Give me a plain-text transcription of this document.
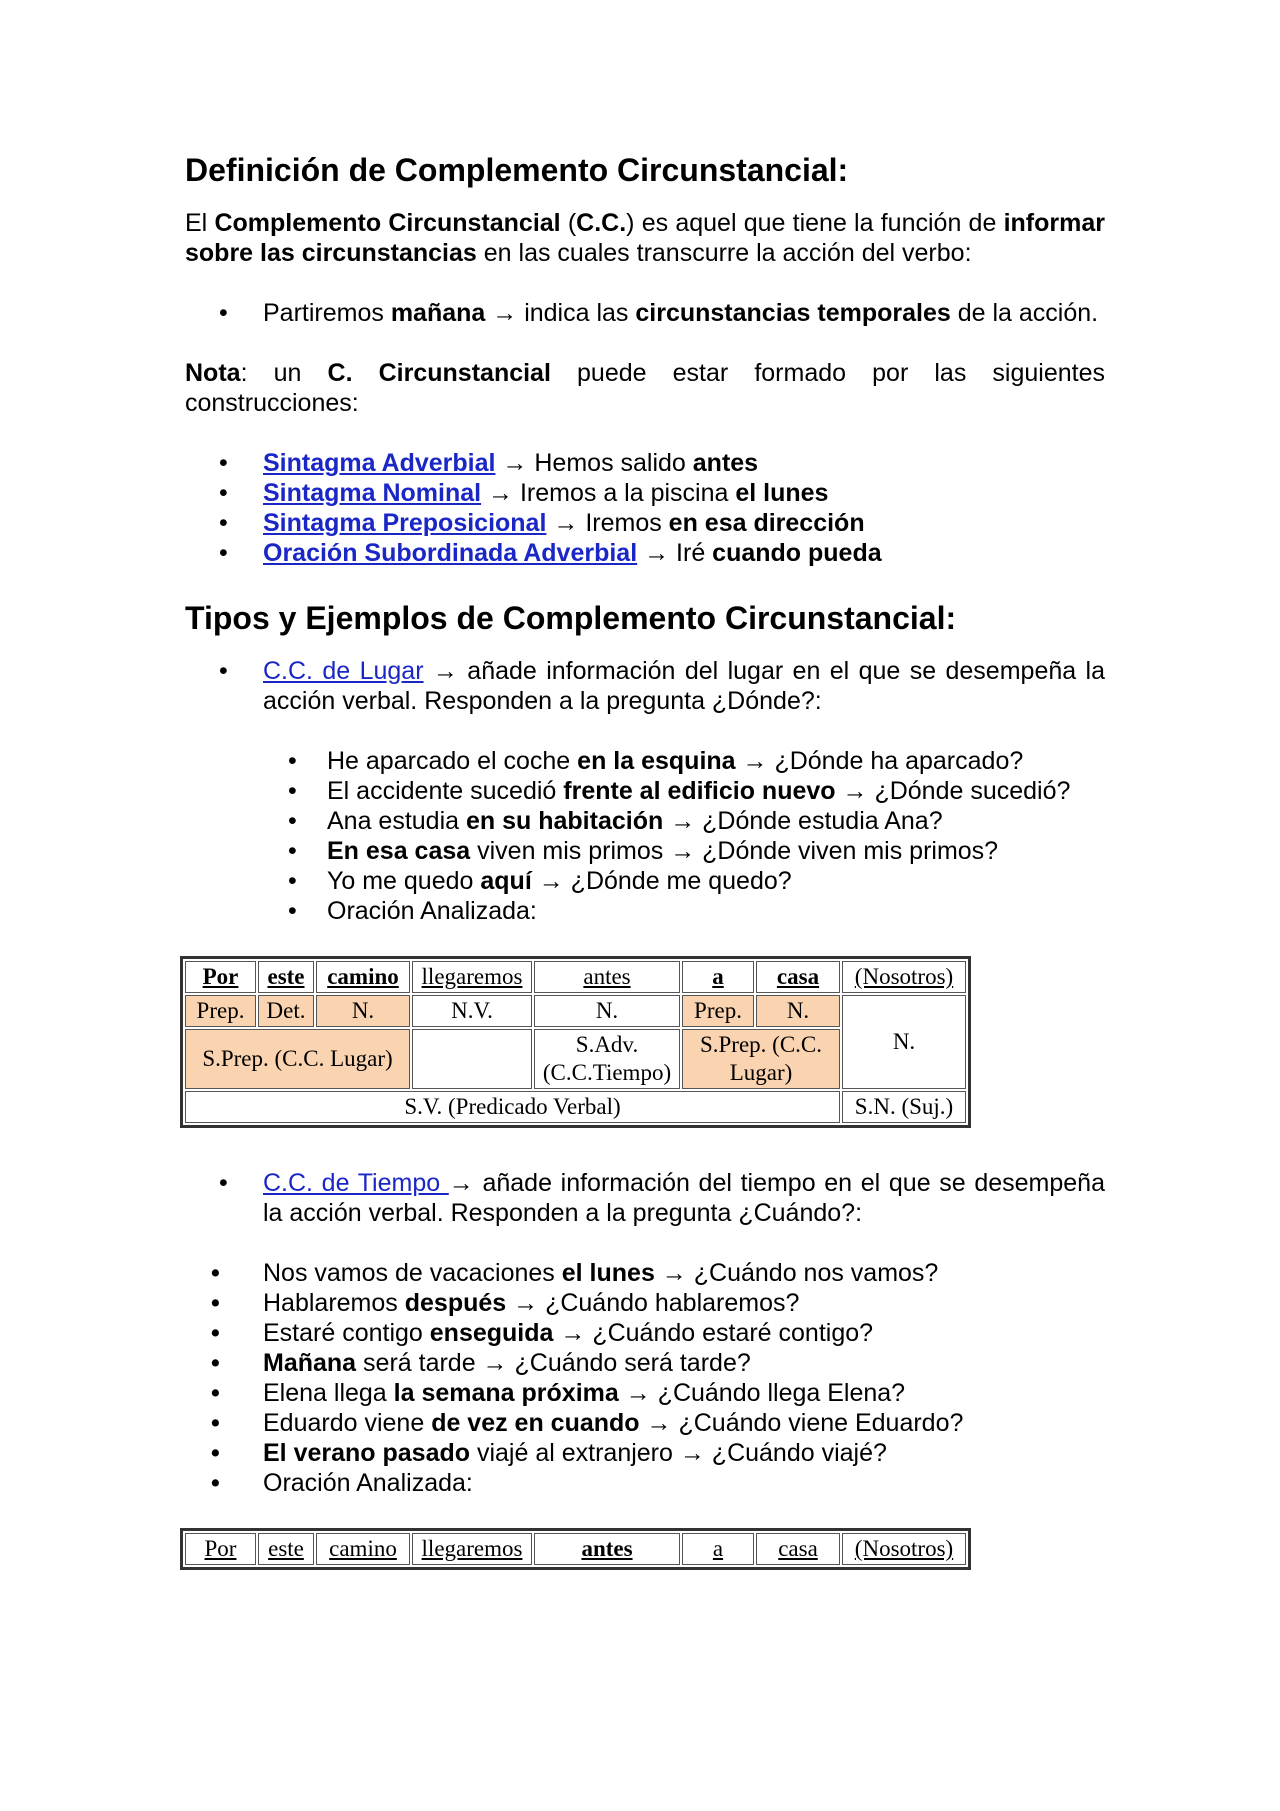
Definición de Complemento Circunstancial:

El Complemento Circunstancial (C.C.) es aquel que tiene la función de informar sobre las circunstancias en las cuales transcurre la acción del verbo:

• Partiremos mañana → indica las circunstancias temporales de la acción.

Nota: un C. Circunstancial puede estar formado por las siguientes construcciones:

• Sintagma Adverbial → Hemos salido antes
• Sintagma Nominal → Iremos a la piscina el lunes
• Sintagma Preposicional → Iremos en esa dirección
• Oración Subordinada Adverbial → Iré cuando pueda
Tipos y Ejemplos de Complemento Circunstancial:
• C.C. de Lugar → añade información del lugar en el que se desempeña la acción verbal. Responden a la pregunta ¿Dónde?:
• He aparcado el coche en la esquina → ¿Dónde ha aparcado?
• El accidente sucedió frente al edificio nuevo → ¿Dónde sucedió?
• Ana estudia en su habitación → ¿Dónde estudia Ana?
• En esa casa viven mis primos → ¿Dónde viven mis primos?
• Yo me quedo aquí → ¿Dónde me quedo?
• Oración Analizada:
Por	este	camino	llegaremos	antes	a	casa	(Nosotros)
Prep.	Det.	N.	N.V.	N.	Prep.	N.	N.
S.Prep. (C.C. Lugar)				S.Adv. (C.C.Tiempo)	S.Prep. (C.C. Lugar)		
S.V. (Predicado Verbal)							S.N. (Suj.)
• C.C. de Tiempo → añade información del tiempo en el que se desempeña la acción verbal. Responden a la pregunta ¿Cuándo?:
• Nos vamos de vacaciones el lunes → ¿Cuándo nos vamos?
• Hablaremos después → ¿Cuándo hablaremos?
• Estaré contigo enseguida → ¿Cuándo estaré contigo?
• Mañana será tarde → ¿Cuándo será tarde?
• Elena llega la semana próxima → ¿Cuándo llega Elena?
• Eduardo viene de vez en cuando → ¿Cuándo viene Eduardo?
• El verano pasado viajé al extranjero → ¿Cuándo viajé?
• Oración Analizada:
Por	este	camino	llegaremos	antes	a	casa	(Nosotros)
